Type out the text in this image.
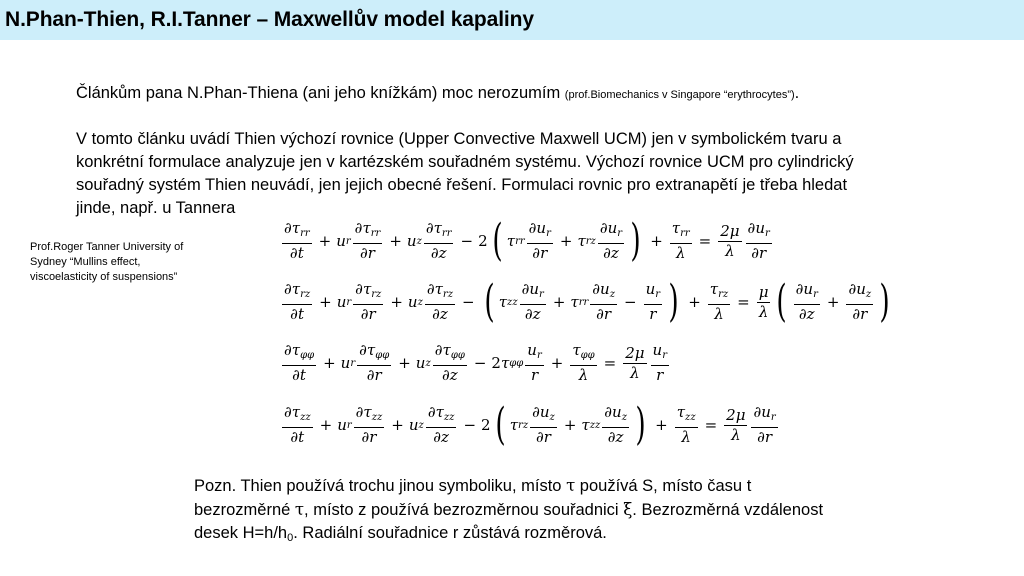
N.Phan-Thien, R.I.Tanner – Maxwellův model kapaliny
Článkům pana N.Phan-Thiena (ani jeho knížkám) moc nerozumím (prof.Biomechanics v Singapore “erythrocytes”).
V tomto článku uvádí Thien výchozí rovnice (Upper Convective Maxwell UCM) jen v symbolickém tvaru a
konkrétní formulace analyzuje jen v kartézském souřadném systému. Výchozí rovnice UCM pro cylindrický
souřadný systém Thien neuvádí, jen jejich obecné řešení. Formulaci rovnic pro extranapětí je třeba hledat
jinde, např. u Tannera
Prof.Roger Tanner University of
Sydney “Mullins effect,
viscoelasticity of suspensions”
$\frac{\partial\tau_{rr}}{\partial t} + u$ r $\frac{\partial\tau_{rr}}{\partial r} + u$ z $\frac{\partial\tau_{rr}}{\partial z} - 2$ ( τ rr $\frac{\partial u_r}{\partial r} + \tau$ rz $\frac{\partial u_r}{\partial z}$ ) + $\frac{\tau_{rr}}{\lambda} = \frac{2\mu}{\lambda} \frac{\partial u_r}{\partial r}$
$\frac{\partial\tau_{rz}}{\partial t} + u$ r $\frac{\partial\tau_{rz}}{\partial r} + u$ z $\frac{\partial\tau_{rz}}{\partial z}$ − ( τ zz $\frac{\partial u_r}{\partial z} + \tau$ rr $\frac{\partial u_z}{\partial r} - \frac{u_r}{r}$ ) + $\frac{\tau_{rz}}{\lambda} = \frac{\mu}{\lambda}$ ( $\frac{\partial u_r}{\partial z} + \frac{\partial u_z}{\partial r}$ )
$\frac{\partial\tau_{\varphi\varphi}}{\partial t} + u$ r $\frac{\partial\tau_{\varphi\varphi}}{\partial r} + u$ z $\frac{\partial\tau_{\varphi\varphi}}{\partial z} - 2$ τ φφ $\frac{u_r}{r} + \frac{\tau_{\varphi\varphi}}{\lambda} = \frac{2\mu}{\lambda} \frac{u_r}{r}$
$\frac{\partial\tau_{zz}}{\partial t} + u$ r $\frac{\partial\tau_{zz}}{\partial r} + u$ z $\frac{\partial\tau_{zz}}{\partial z} - 2$ ( τ rz $\frac{\partial u_z}{\partial r} + \tau$ zz $\frac{\partial u_z}{\partial z}$ ) + $\frac{\tau_{zz}}{\lambda} = \frac{2\mu}{\lambda} \frac{\partial u_r}{\partial r}$
Pozn. Thien používá trochu jinou symboliku, místo τ používá S, místo času t
bezrozměrné τ, místo z používá bezrozměrnou souřadnici ξ. Bezrozměrná vzdálenost
desek $H=h/h_0$. Radiální souřadnice r zůstává rozměrová.
